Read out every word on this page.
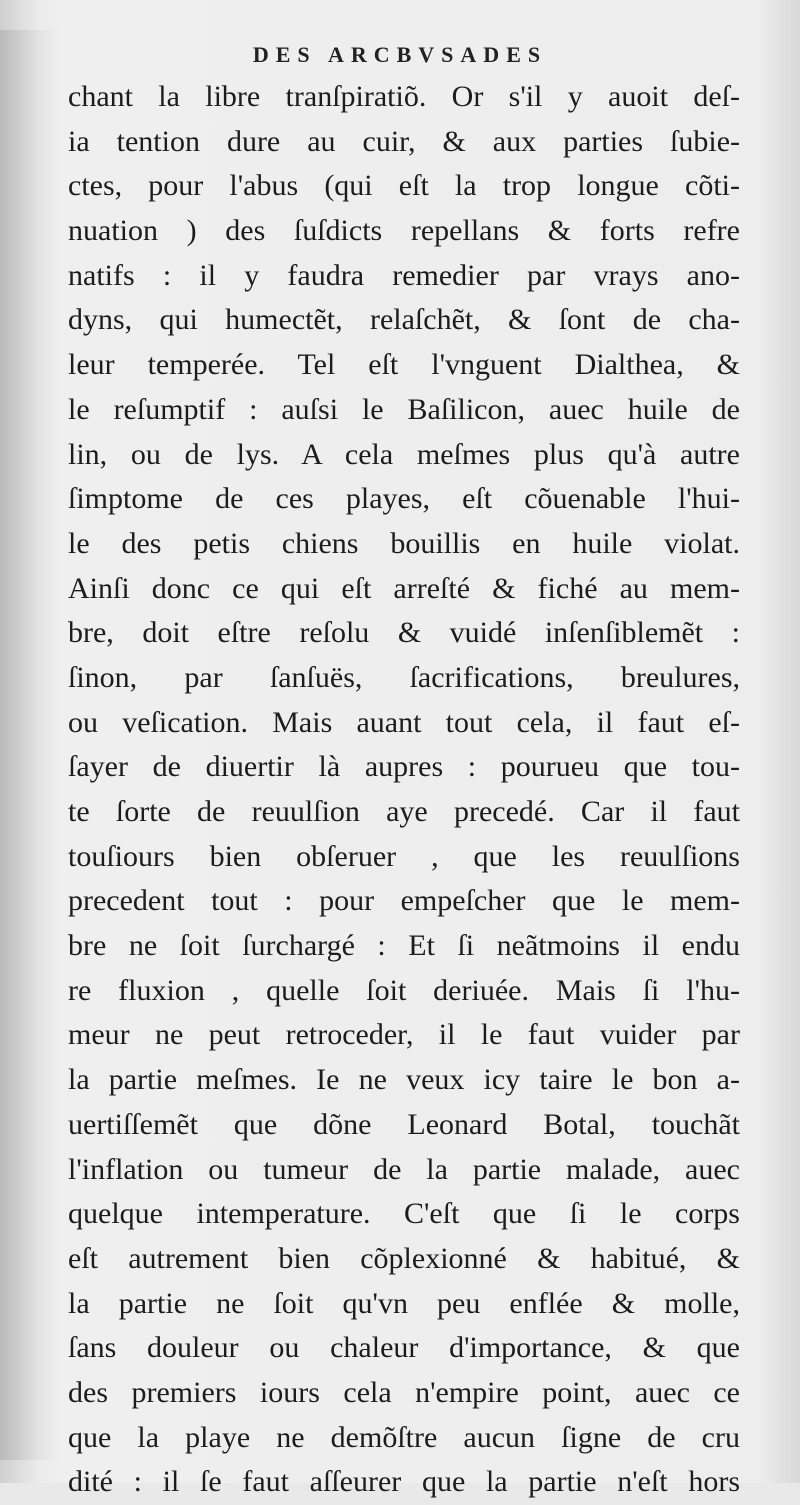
DES ARCBVSADES
chant la libre tranſpiratiõ. Or s'il y auoit deſ-
ia tention dure au cuir, & aux parties ſubie-
ctes, pour l'abus (qui eſt la trop longue cõti-
nuation ) des ſuſdicts repellans & forts refre
natifs : il y faudra remedier par vrays ano-
dyns, qui humectẽt, relaſchẽt, & ſont de cha-
leur temperée. Tel eſt l'vnguent Dialthea, &
le reſumptif : auſsi le Baſilicon, auec huile de
lin, ou de lys. A cela meſmes plus qu'à autre
ſimptome de ces playes, eſt cõuenable l'hui-
le des petis chiens bouillis en huile violat.
Ainſi donc ce qui eſt arreſté & fiché au mem-
bre, doit eſtre reſolu & vuidé inſenſiblemẽt :
ſinon, par ſanſuës, ſacrifications, breulures,
ou veſication. Mais auant tout cela, il faut eſ-
ſayer de diuertir là aupres : pourueu que tou-
te ſorte de reuulſion aye precedé. Car il faut
touſiours bien obſeruer , que les reuulſions
precedent tout : pour empeſcher que le mem-
bre ne ſoit ſurchargé : Et ſi neãtmoins il endu
re fluxion , quelle ſoit deriuée. Mais ſi l'hu-
meur ne peut retroceder, il le faut vuider par
la partie meſmes. Ie ne veux icy taire le bon a-
uertiſſemẽt que dõne Leonard Botal, touchãt
l'inflation ou tumeur de la partie malade, auec
quelque intemperature. C'eſt que ſi le corps
eſt autrement bien cõplexionné & habitué, &
la partie ne ſoit qu'vn peu enflée & molle,
ſans douleur ou chaleur d'importance, & que
des premiers iours cela n'empire point, auec ce
que la playe ne demõſtre aucun ſigne de cru
dité : il ſe faut aſſeurer que la partie n'eſt hors
